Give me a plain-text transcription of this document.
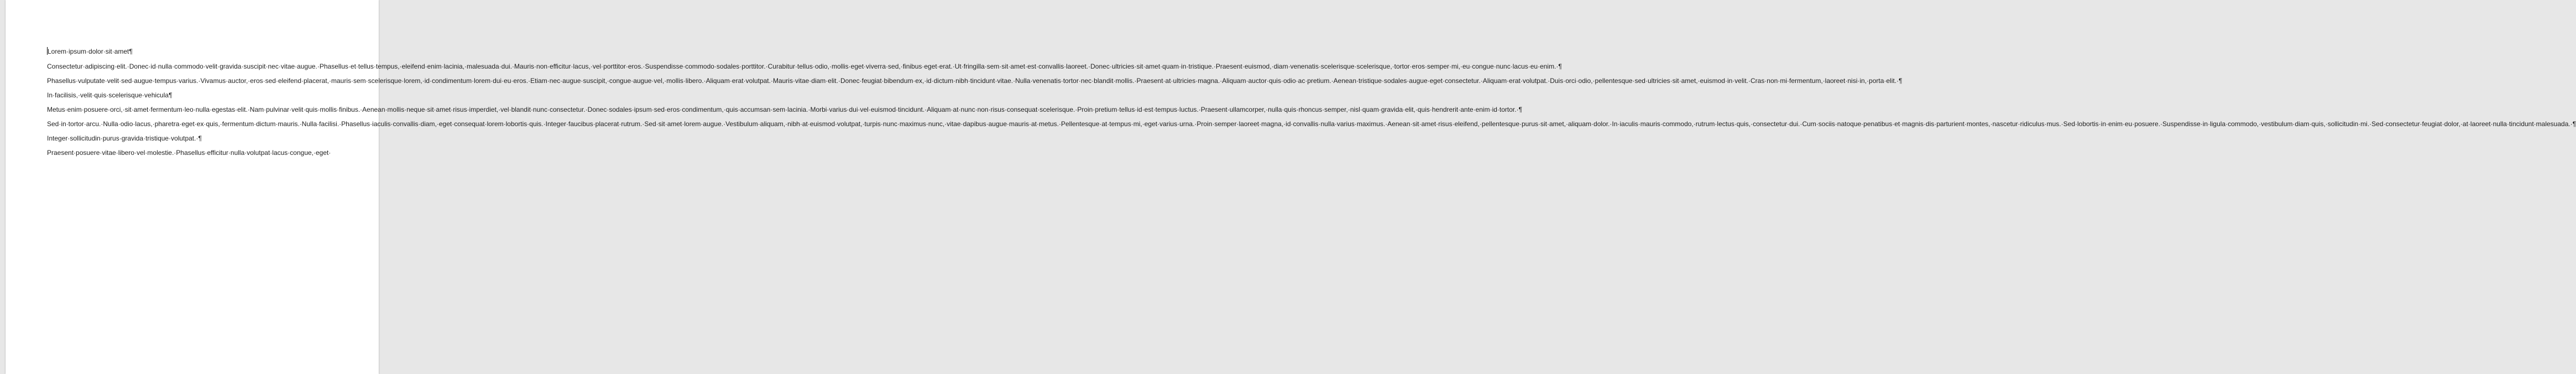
Lorem·ipsum·dolor·sit·amet¶

Consectetur·adipiscing·elit.·Donec·id·nulla·commodo·velit·gravida·suscipit·nec·vitae·augue.·Phasellus·et·tellus·tempus,·eleifend·enim·lacinia,·malesuada·dui.·Mauris·non·efficitur·lacus,·vel·porttitor·eros.·Suspendisse·commodo·sodales·porttitor.·Curabitur·tellus·odio,·mollis·eget·viverra·sed,·finibus·eget·erat.·Ut·fringilla·sem·sit·amet·est·convallis·laoreet.·Donec·ultricies·sit·amet·quam·in·tristique.·Praesent·euismod,·diam·venenatis·scelerisque·scelerisque,·tortor·eros·semper·mi,·eu·congue·nunc·lacus·eu·enim.·¶

Phasellus·vulputate·velit·sed·augue·tempus·varius.·Vivamus·auctor,·eros·sed·eleifend·placerat,·mauris·sem·scelerisque·lorem,·id·condimentum·lorem·dui·eu·eros.·Etiam·nec·augue·suscipit,·congue·augue·vel,·mollis·libero.·Aliquam·erat·volutpat.·Mauris·vitae·diam·elit.·Donec·feugiat·bibendum·ex,·id·dictum·nibh·tincidunt·vitae.·Nulla·venenatis·tortor·nec·blandit·mollis.·Praesent·at·ultricies·magna.·Aliquam·auctor·quis·odio·ac·pretium.·Aenean·tristique·sodales·augue·eget·consectetur.·Aliquam·erat·volutpat.·Duis·orci·odio,·pellentesque·sed·ultricies·sit·amet,·euismod·in·velit.·Cras·non·mi·fermentum,·laoreet·nisi·in,·porta·elit.·¶

In·facilisis,·velit·quis·scelerisque·vehicula¶

Metus·enim·posuere·orci,·sit·amet·fermentum·leo·nulla·egestas·elit.·Nam·pulvinar·velit·quis·mollis·finibus.·Aenean·mollis·neque·sit·amet·risus·imperdiet,·vel·blandit·nunc·consectetur.·Donec·sodales·ipsum·sed·eros·condimentum,·quis·accumsan·sem·lacinia.·Morbi·varius·dui·vel·euismod·tincidunt.·Aliquam·at·nunc·non·risus·consequat·scelerisque.·Proin·pretium·tellus·id·est·tempus·luctus.·Praesent·ullamcorper,·nulla·quis·rhoncus·semper,·nisl·quam·gravida·elit,·quis·hendrerit·ante·enim·id·tortor.·¶

Sed·in·tortor·arcu.·Nulla·odio·lacus,·pharetra·eget·ex·quis,·fermentum·dictum·mauris.·Nulla·facilisi.·Phasellus·iaculis·convallis·diam,·eget·consequat·lorem·lobortis·quis.·Integer·faucibus·placerat·rutrum.·Sed·sit·amet·lorem·augue.·Vestibulum·aliquam,·nibh·at·euismod·volutpat,·turpis·nunc·maximus·nunc,·vitae·dapibus·augue·mauris·at·metus.·Pellentesque·at·tempus·mi,·eget·varius·urna.·Proin·semper·laoreet·magna,·id·convallis·nulla·varius·maximus.·Aenean·sit·amet·risus·eleifend,·pellentesque·purus·sit·amet,·aliquam·dolor.·In·iaculis·mauris·commodo,·rutrum·lectus·quis,·consectetur·dui.·Cum·sociis·natoque·penatibus·et·magnis·dis·parturient·montes,·nascetur·ridiculus·mus.·Sed·lobortis·in·enim·eu·posuere.·Suspendisse·in·ligula·commodo,·vestibulum·diam·quis,·sollicitudin·mi.·Sed·consectetur·feugiat·dolor,·at·laoreet·nulla·tincidunt·malesuada.·¶

Integer·sollicitudin·purus·gravida·tristique·volutpat.·¶

Praesent·posuere·vitae·libero·vel·molestie.·Phasellus·efficitur·nulla·volutpat·lacus·congue,·eget·
